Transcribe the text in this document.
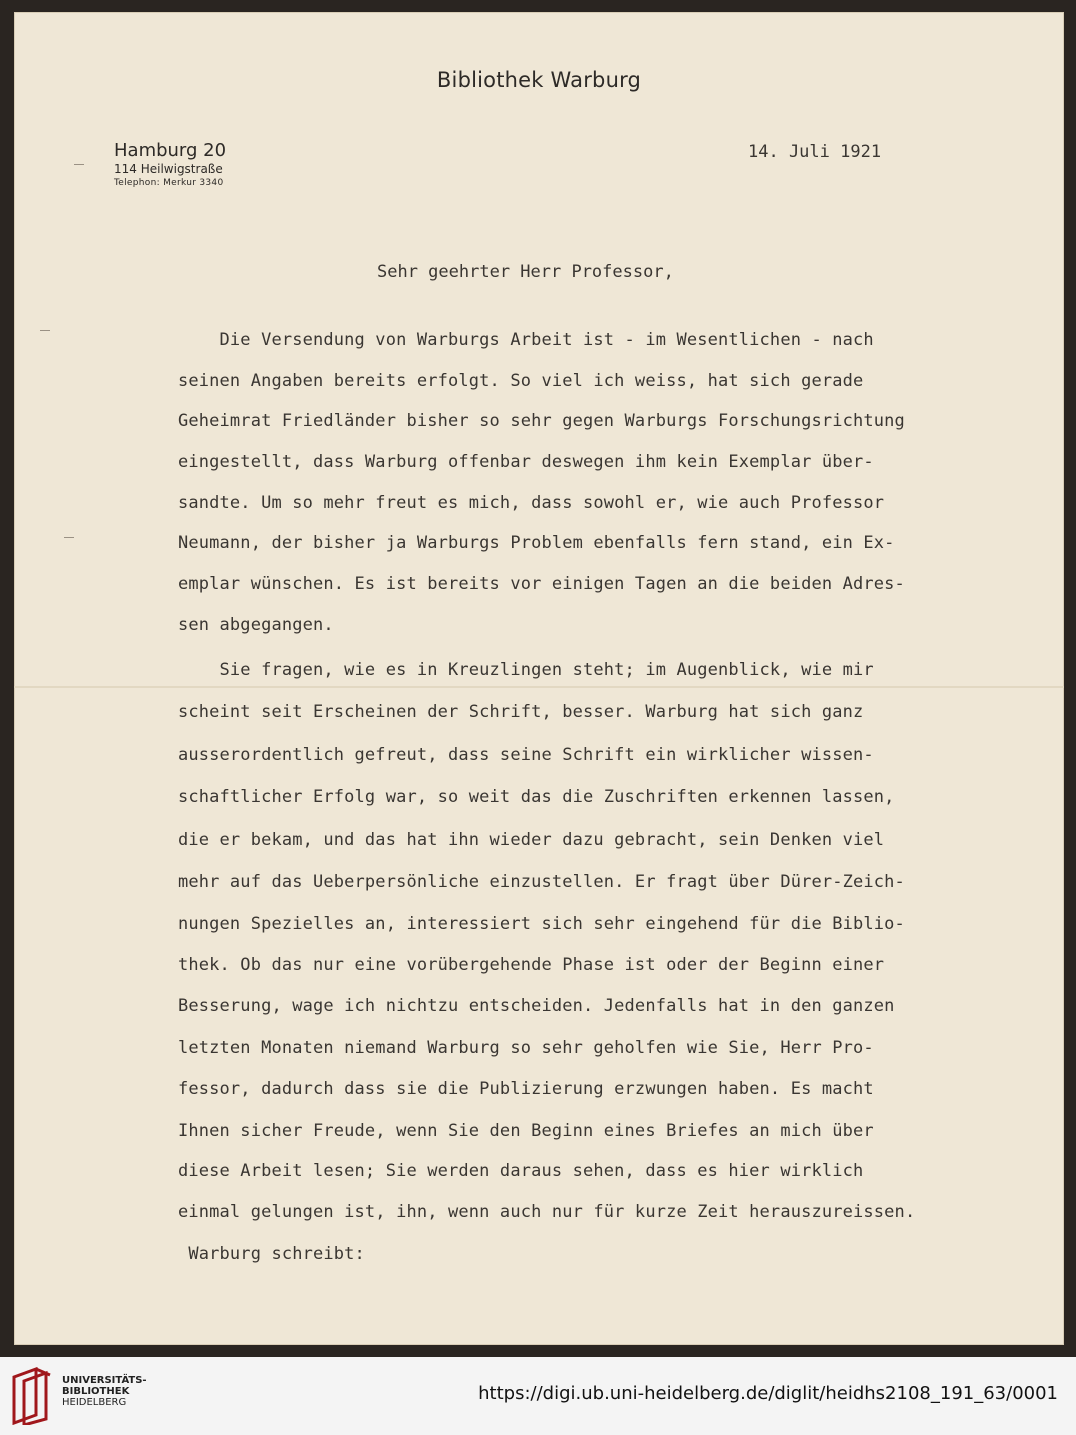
Bibliothek Warburg
Hamburg 20
114 Heilwigstraße
Telephon: Merkur 3340
14. Juli 1921
Sehr geehrter Herr Professor,
Die Versendung von Warburgs Arbeit ist - im Wesentlichen - nach
seinen Angaben bereits erfolgt. So viel ich weiss, hat sich gerade
Geheimrat Friedländer bisher so sehr gegen Warburgs Forschungsrichtung
eingestellt, dass Warburg offenbar deswegen ihm kein Exemplar über-
sandte. Um so mehr freut es mich, dass sowohl er, wie auch Professor
Neumann, der bisher ja Warburgs Problem ebenfalls fern stand, ein Ex-
emplar wünschen. Es ist bereits vor einigen Tagen an die beiden Adres-
sen abgegangen.
Sie fragen, wie es in Kreuzlingen steht; im Augenblick, wie mir
scheint seit Erscheinen der Schrift, besser. Warburg hat sich ganz
ausserordentlich gefreut, dass seine Schrift ein wirklicher wissen-
schaftlicher Erfolg war, so weit das die Zuschriften erkennen lassen,
die er bekam, und das hat ihn wieder dazu gebracht, sein Denken viel
mehr auf das Ueberpersönliche einzustellen. Er fragt über Dürer-Zeich-
nungen Spezielles an, interessiert sich sehr eingehend für die Biblio-
thek. Ob das nur eine vorübergehende Phase ist oder der Beginn einer
Besserung, wage ich nichtzu entscheiden. Jedenfalls hat in den ganzen
letzten Monaten niemand Warburg so sehr geholfen wie Sie, Herr Pro-
fessor, dadurch dass sie die Publizierung erzwungen haben. Es macht
Ihnen sicher Freude, wenn Sie den Beginn eines Briefes an mich über
diese Arbeit lesen; Sie werden daraus sehen, dass es hier wirklich
einmal gelungen ist, ihn, wenn auch nur für kurze Zeit herauszureissen.
Warburg schreibt:
UNIVERSITÄTS-
BIBLIOTHEK
HEIDELBERG	https://digi.ub.uni-heidelberg.de/diglit/heidhs2108_191_63/0001
